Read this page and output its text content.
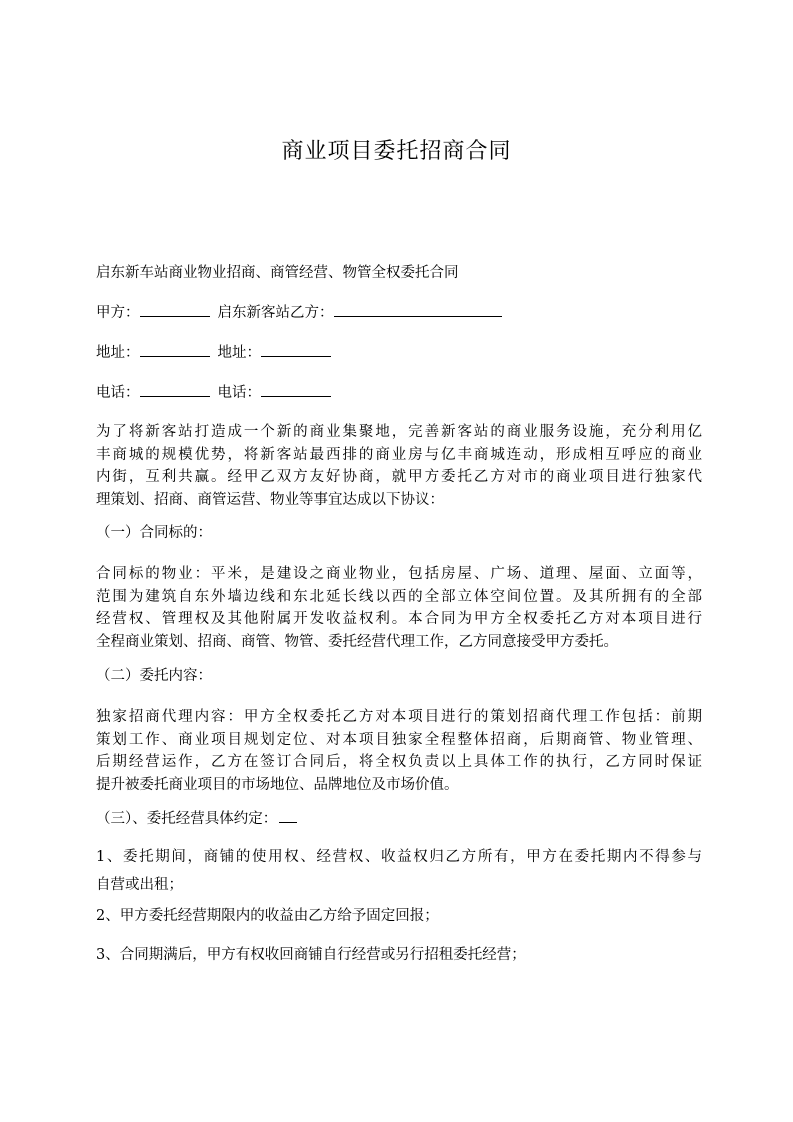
商业项目委托招商合同
启东新车站商业物业招商、商管经营、物管全权委托合同
甲方：	启东新客站乙方：
地址：	地址：
电话：	电话：
为了将新客站打造成一个新的商业集聚地，完善新客站的商业服务设施，充分利用亿
丰商城的规模优势，将新客站最西排的商业房与亿丰商城连动，形成相互呼应的商业
内街，互利共赢。经甲乙双方友好协商，就甲方委托乙方对市的商业项目进行独家代
理策划、招商、商管运营、物业等事宜达成以下协议：
（一）合同标的：
合同标的物业：平米，是建设之商业物业，包括房屋、广场、道理、屋面、立面等，
范围为建筑自东外墙边线和东北延长线以西的全部立体空间位置。及其所拥有的全部
经营权、管理权及其他附属开发收益权利。本合同为甲方全权委托乙方对本项目进行
全程商业策划、招商、商管、物管、委托经营代理工作，乙方同意接受甲方委托。
（二）委托内容：
独家招商代理内容：甲方全权委托乙方对本项目进行的策划招商代理工作包括：前期
策划工作、商业项目规划定位、对本项目独家全程整体招商，后期商管、物业管理、
后期经营运作，乙方在签订合同后，将全权负责以上具体工作的执行，乙方同时保证
提升被委托商业项目的市场地位、品牌地位及市场价值。
（三）、委托经营具体约定：
1、委托期间，商铺的使用权、经营权、收益权归乙方所有，甲方在委托期内不得参与
自营或出租；
2、甲方委托经营期限内的收益由乙方给予固定回报；
3、合同期满后，甲方有权收回商铺自行经营或另行招租委托经营；
